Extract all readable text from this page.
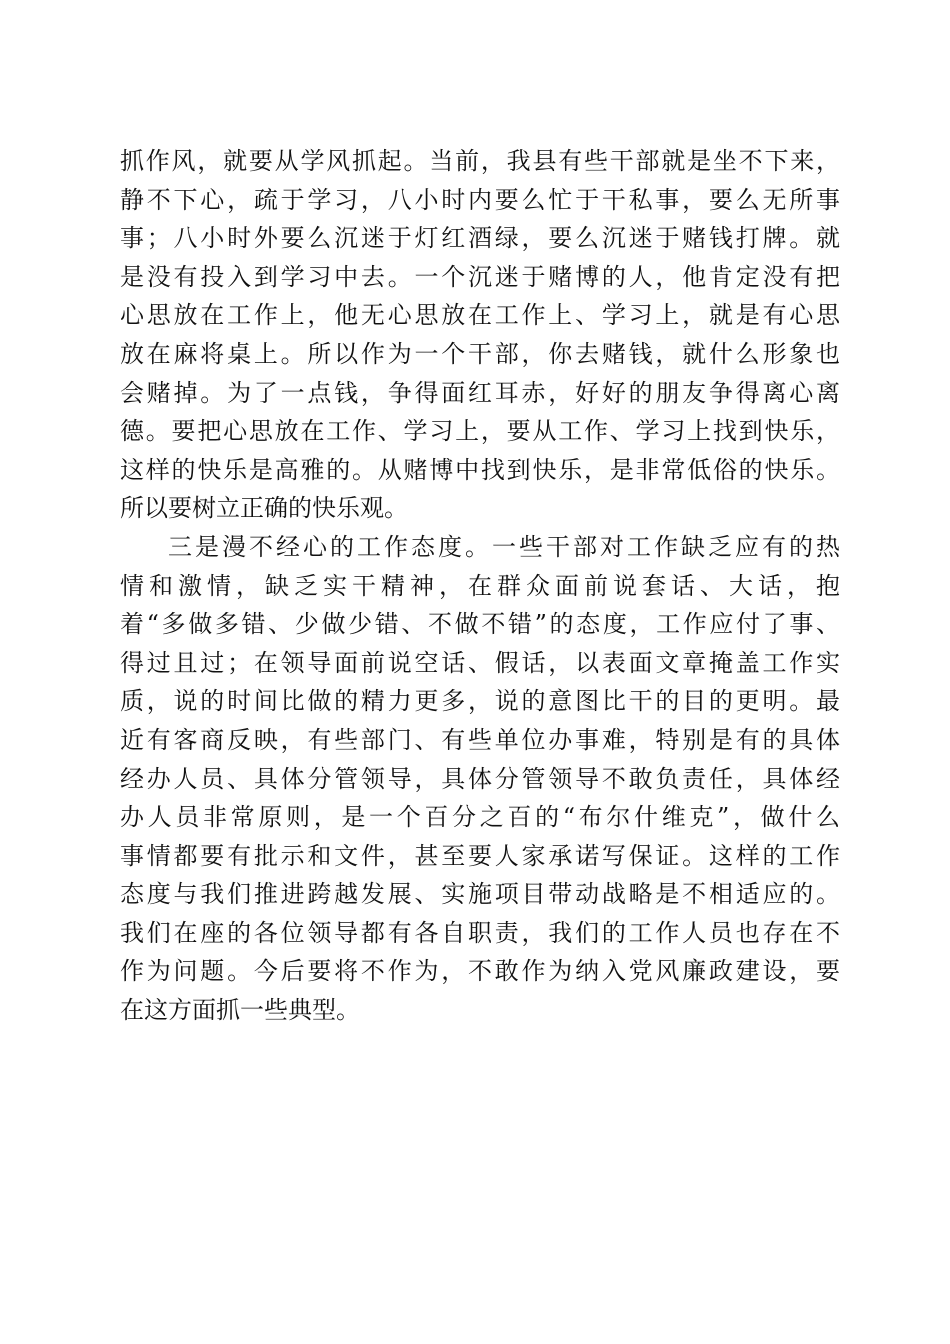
抓作风，就要从学风抓起。当前，我县有些干部就是坐不下来，
静不下心，疏于学习，八小时内要么忙于干私事，要么无所事
事；八小时外要么沉迷于灯红酒绿，要么沉迷于赌钱打牌。就
是没有投入到学习中去。一个沉迷于赌博的人，他肯定没有把
心思放在工作上，他无心思放在工作上、学习上，就是有心思
放在麻将桌上。所以作为一个干部，你去赌钱，就什么形象也
会赌掉。为了一点钱，争得面红耳赤，好好的朋友争得离心离
德。要把心思放在工作、学习上，要从工作、学习上找到快乐，
这样的快乐是高雅的。从赌博中找到快乐，是非常低俗的快乐。
所以要树立正确的快乐观。
三是漫不经心的工作态度。一些干部对工作缺乏应有的热
情和激情，缺乏实干精神，在群众面前说套话、大话，抱
着“多做多错、少做少错、不做不错”的态度，工作应付了事、
得过且过；在领导面前说空话、假话，以表面文章掩盖工作实
质，说的时间比做的精力更多，说的意图比干的目的更明。最
近有客商反映，有些部门、有些单位办事难，特别是有的具体
经办人员、具体分管领导，具体分管领导不敢负责任，具体经
办人员非常原则，是一个百分之百的“布尔什维克”，做什么
事情都要有批示和文件，甚至要人家承诺写保证。这样的工作
态度与我们推进跨越发展、实施项目带动战略是不相适应的。
我们在座的各位领导都有各自职责，我们的工作人员也存在不
作为问题。今后要将不作为，不敢作为纳入党风廉政建设，要
在这方面抓一些典型。
